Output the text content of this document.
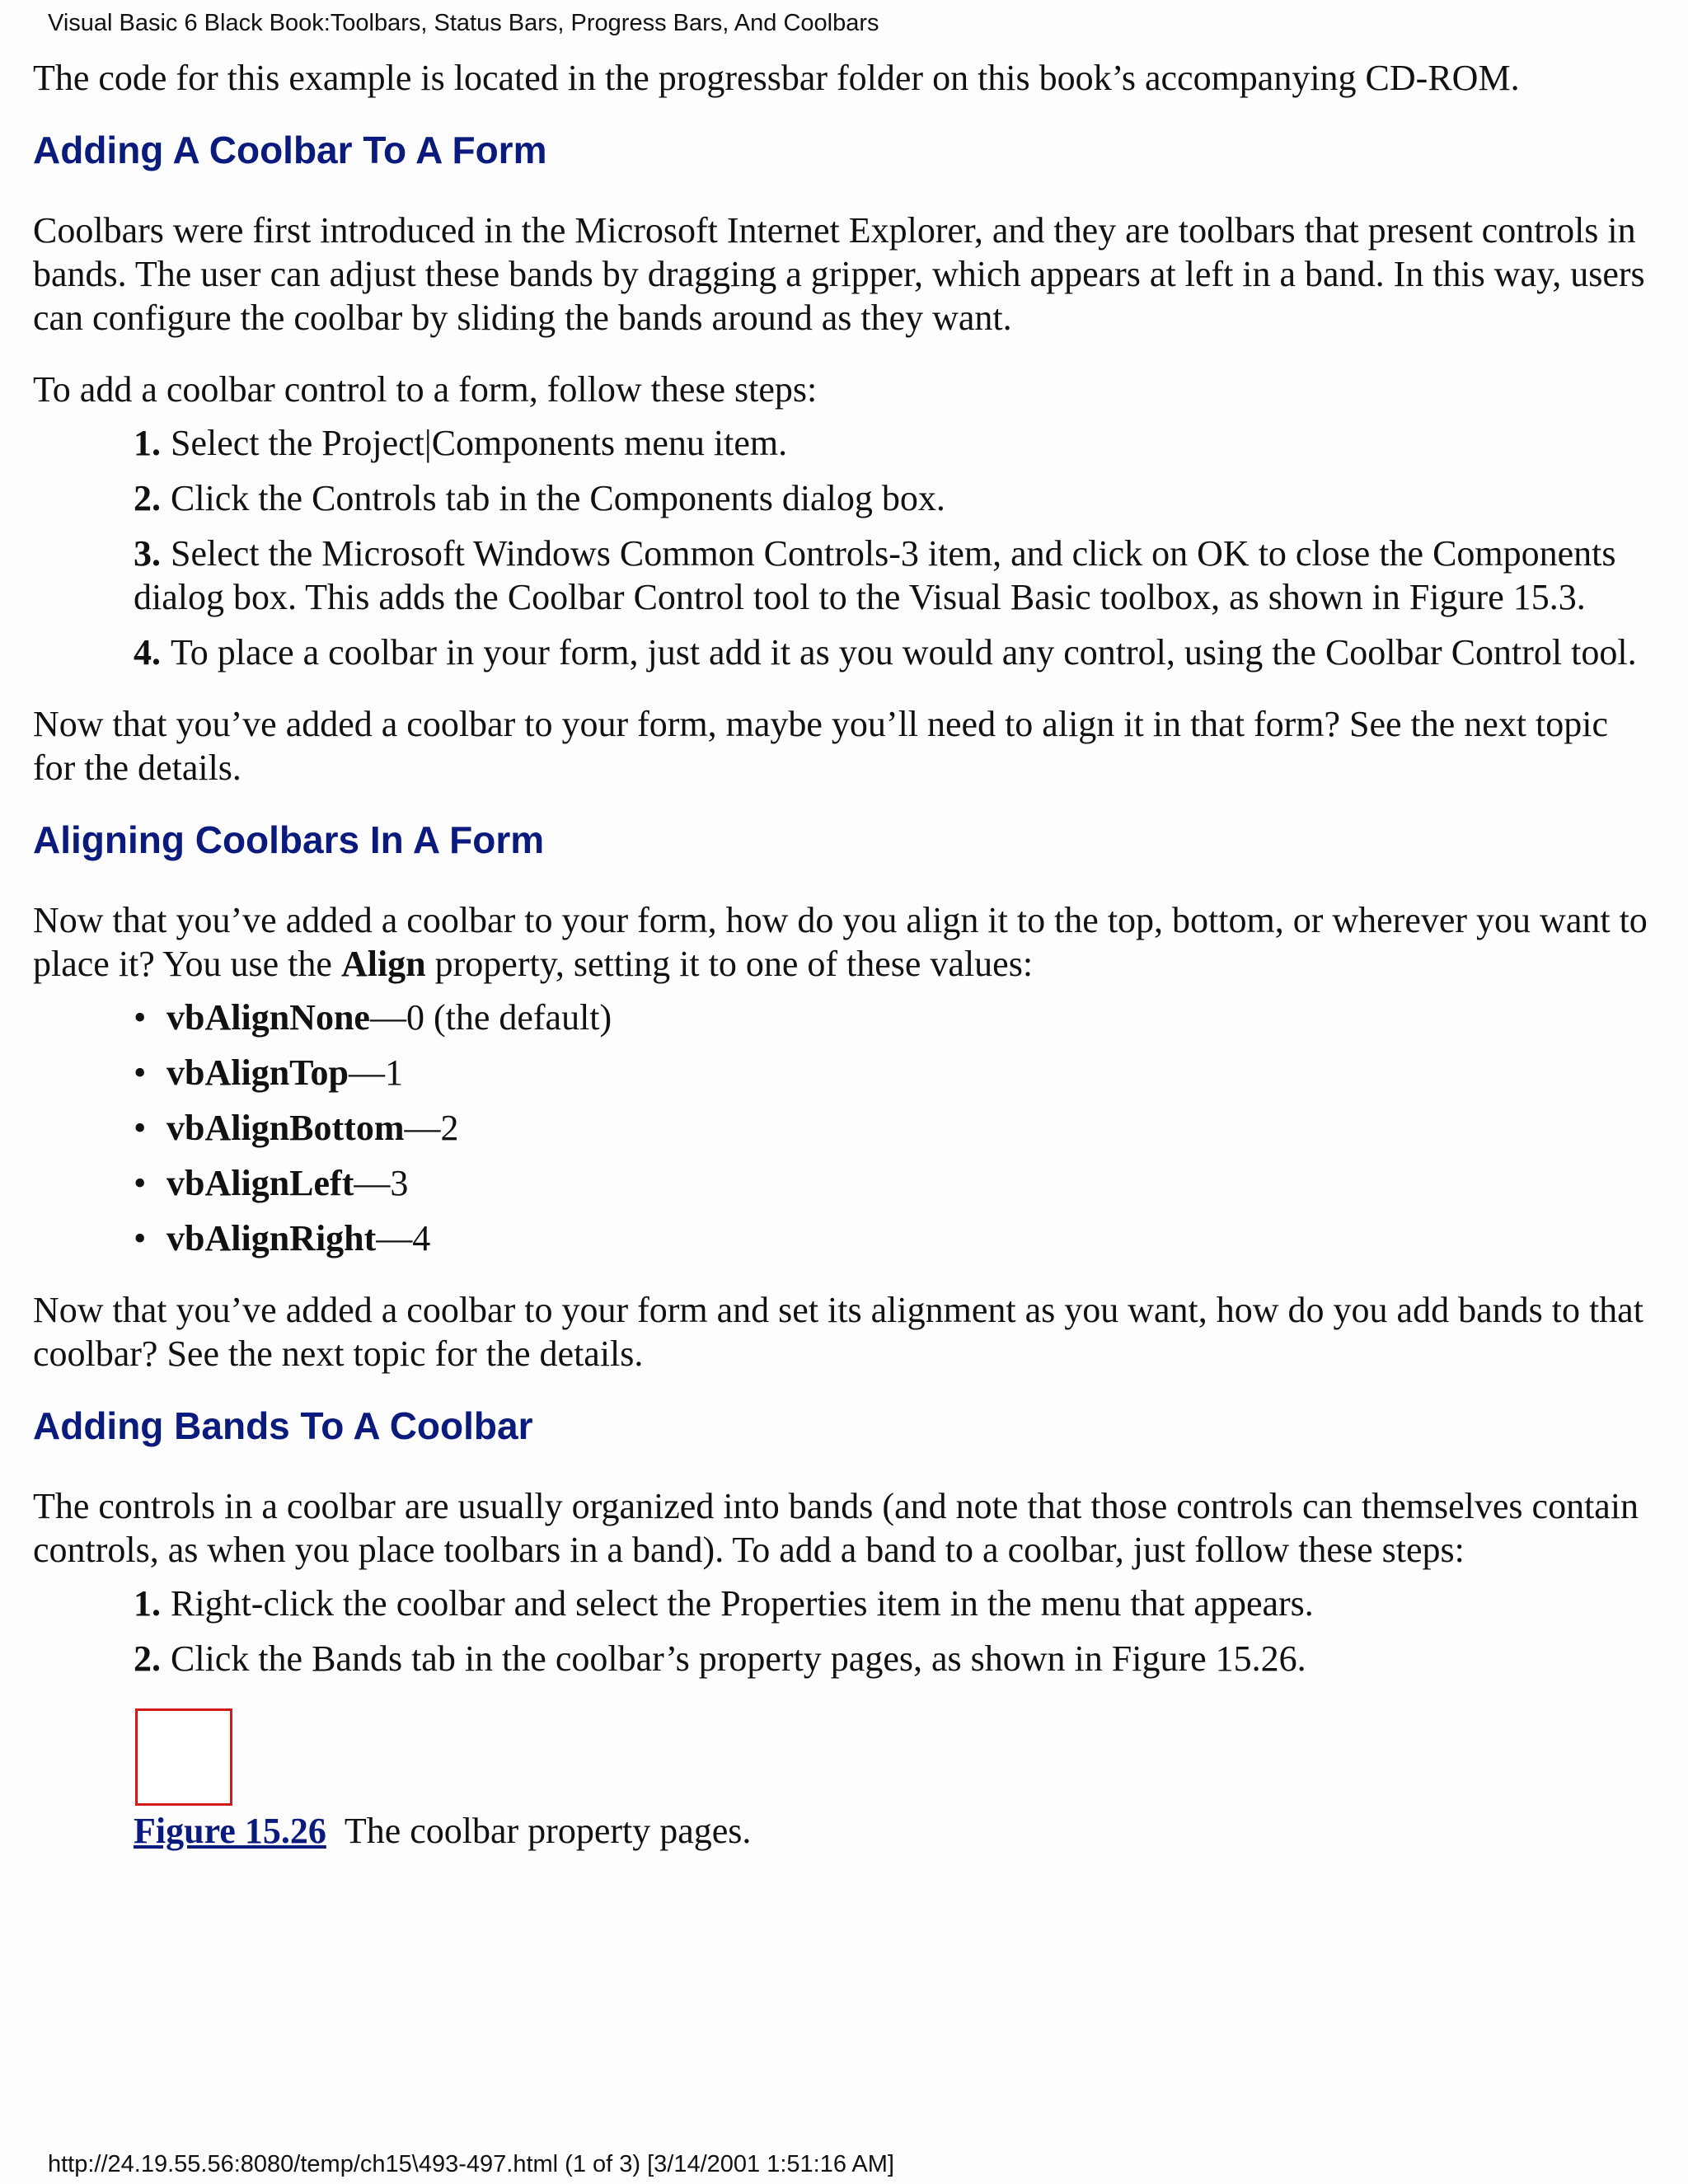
Visual Basic 6 Black Book:Toolbars, Status Bars, Progress Bars, And Coolbars

The code for this example is located in the progressbar folder on this book’s accompanying CD-ROM.

Adding A Coolbar To A Form

Coolbars were first introduced in the Microsoft Internet Explorer, and they are toolbars that present controls in bands. The user can adjust these bands by dragging a gripper, which appears at left in a band. In this way, users can configure the coolbar by sliding the bands around as they want.

To add a coolbar control to a form, follow these steps:

1. Select the Project|Components menu item.
2. Click the Controls tab in the Components dialog box.
3. Select the Microsoft Windows Common Controls-3 item, and click on OK to close the Components dialog box. This adds the Coolbar Control tool to the Visual Basic toolbox, as shown in Figure 15.3.
4. To place a coolbar in your form, just add it as you would any control, using the Coolbar Control tool.

Now that you’ve added a coolbar to your form, maybe you’ll need to align it in that form? See the next topic for the details.

Aligning Coolbars In A Form

Now that you’ve added a coolbar to your form, how do you align it to the top, bottom, or wherever you want to place it? You use the Align property, setting it to one of these values:

• vbAlignNone—0 (the default)
• vbAlignTop—1
• vbAlignBottom—2
• vbAlignLeft—3
• vbAlignRight—4

Now that you’ve added a coolbar to your form and set its alignment as you want, how do you add bands to that coolbar? See the next topic for the details.

Adding Bands To A Coolbar

The controls in a coolbar are usually organized into bands (and note that those controls can themselves contain controls, as when you place toolbars in a band). To add a band to a coolbar, just follow these steps:

1. Right-click the coolbar and select the Properties item in the menu that appears.
2. Click the Bands tab in the coolbar’s property pages, as shown in Figure 15.26.
Figure 15.26 The coolbar property pages.
http://24.19.55.56:8080/temp/ch15\493-497.html (1 of 3) [3/14/2001 1:51:16 AM]
